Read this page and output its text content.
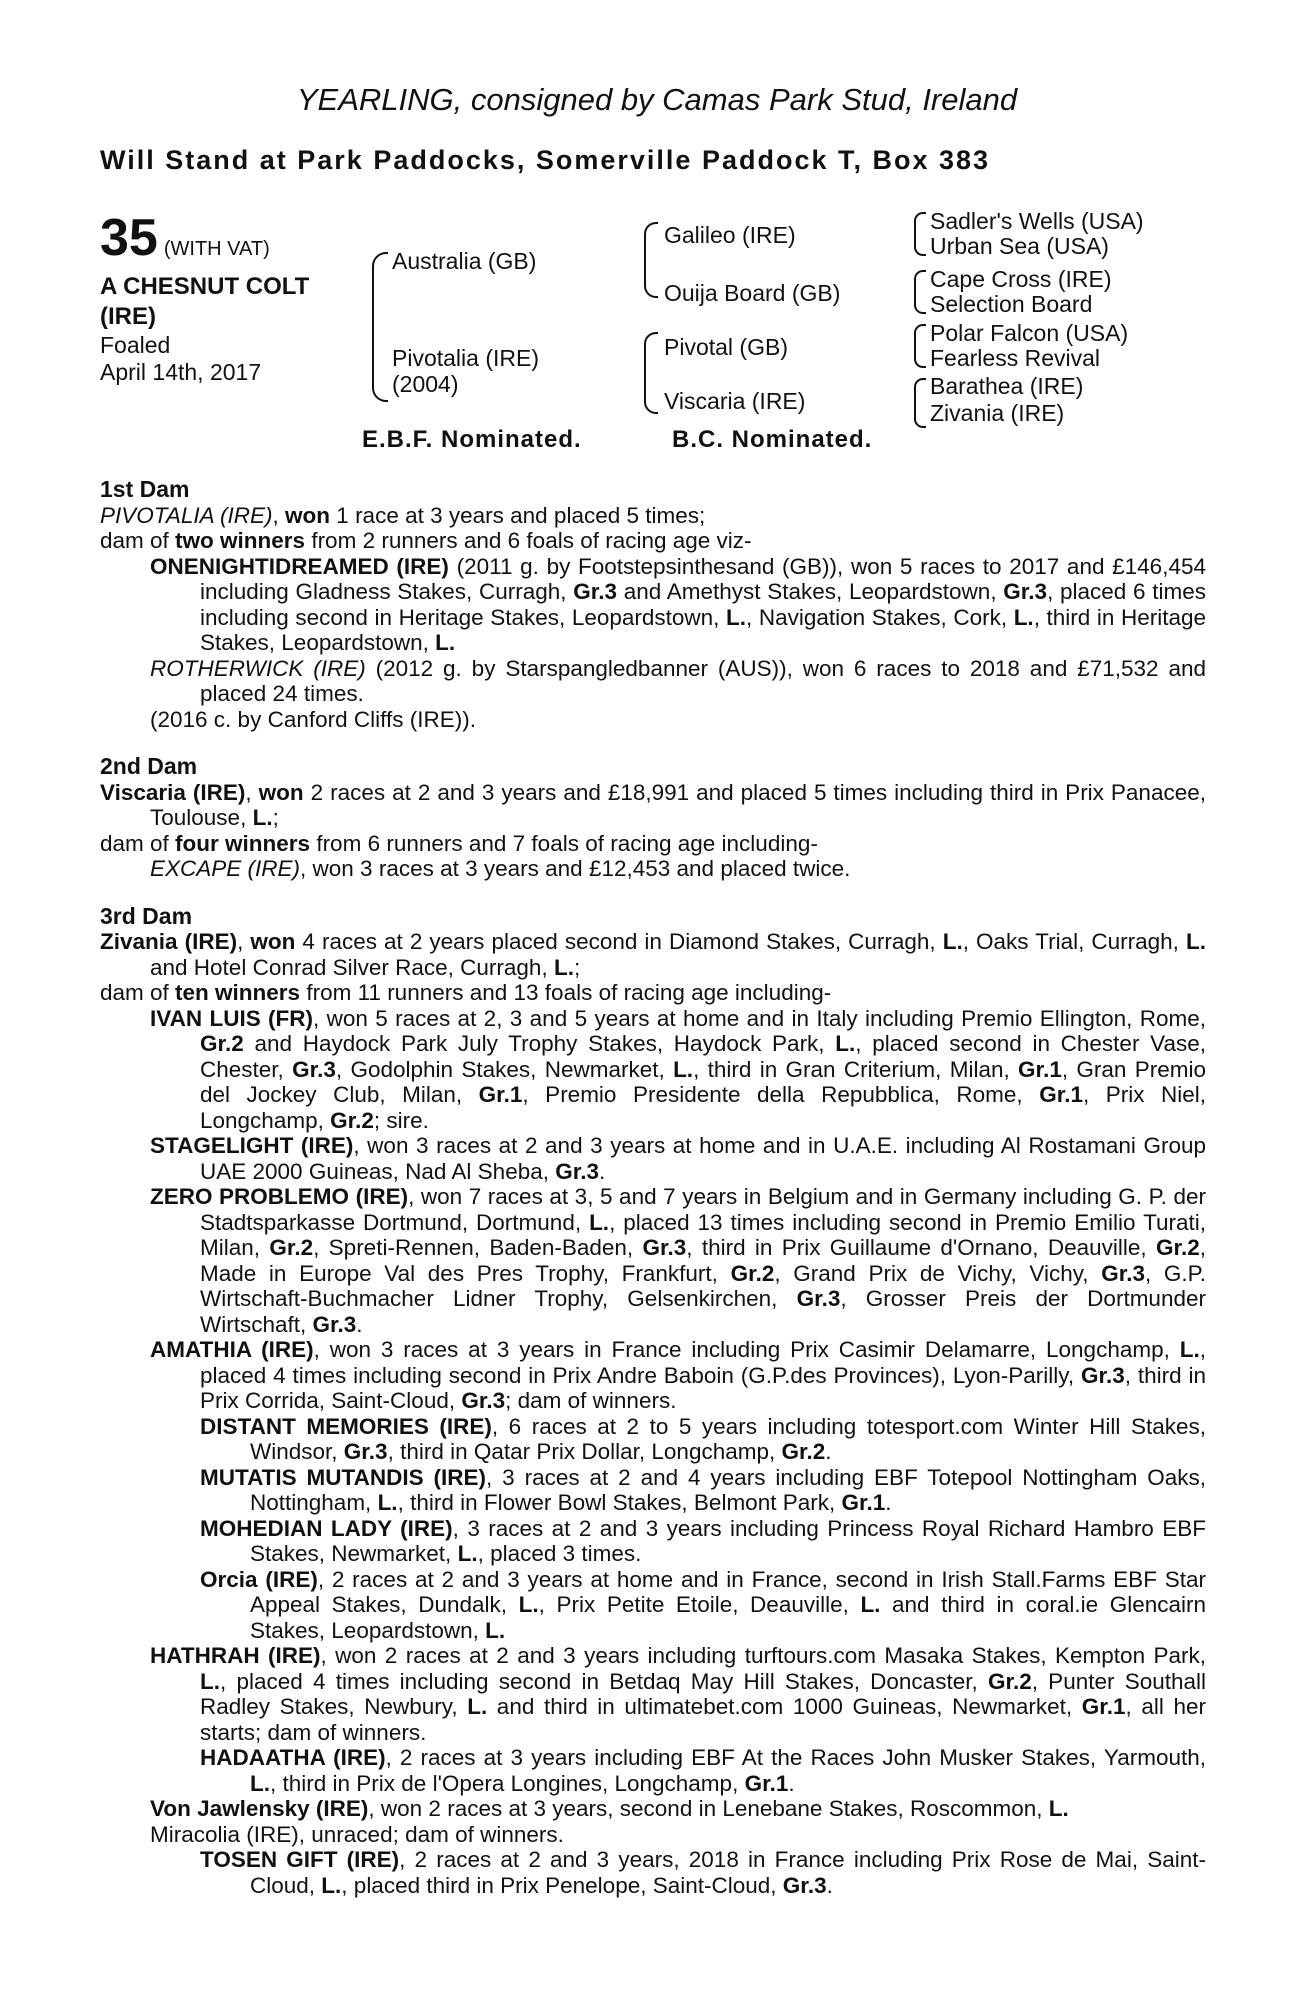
YEARLING, consigned by Camas Park Stud, Ireland
Will Stand at Park Paddocks, Somerville Paddock T, Box 383
35 (WITH VAT)
A CHESNUT COLT
(IRE)
Foaled
April 14th, 2017
Australia (GB)
Pivotalia (IRE)
(2004)
Galileo (IRE)
Ouija Board (GB)
Pivotal (GB)
Viscaria (IRE)
Sadler's Wells (USA)
Urban Sea (USA)
Cape Cross (IRE)
Selection Board
Polar Falcon (USA)
Fearless Revival
Barathea (IRE)
Zivania (IRE)
E.B.F. Nominated.	B.C. Nominated.
1st Dam
PIVOTALIA (IRE), won 1 race at 3 years and placed 5 times;
dam of two winners from 2 runners and 6 foals of racing age viz-
ONENIGHTIDREAMED (IRE) (2011 g. by Footstepsinthesand (GB)), won 5 races to 2017 and £146,454 including Gladness Stakes, Curragh, Gr.3 and Amethyst Stakes, Leopardstown, Gr.3, placed 6 times including second in Heritage Stakes, Leopardstown, L., Navigation Stakes, Cork, L., third in Heritage Stakes, Leopardstown, L.
ROTHERWICK (IRE) (2012 g. by Starspangledbanner (AUS)), won 6 races to 2018 and £71,532 and placed 24 times.
(2016 c. by Canford Cliffs (IRE)).
2nd Dam
Viscaria (IRE), won 2 races at 2 and 3 years and £18,991 and placed 5 times including third in Prix Panacee, Toulouse, L.;
dam of four winners from 6 runners and 7 foals of racing age including-
EXCAPE (IRE), won 3 races at 3 years and £12,453 and placed twice.
3rd Dam
Zivania (IRE), won 4 races at 2 years placed second in Diamond Stakes, Curragh, L., Oaks Trial, Curragh, L. and Hotel Conrad Silver Race, Curragh, L.;
dam of ten winners from 11 runners and 13 foals of racing age including-
IVAN LUIS (FR), won 5 races at 2, 3 and 5 years at home and in Italy including Premio Ellington, Rome, Gr.2 and Haydock Park July Trophy Stakes, Haydock Park, L., placed second in Chester Vase, Chester, Gr.3, Godolphin Stakes, Newmarket, L., third in Gran Criterium, Milan, Gr.1, Gran Premio del Jockey Club, Milan, Gr.1, Premio Presidente della Repubblica, Rome, Gr.1, Prix Niel, Longchamp, Gr.2; sire.
STAGELIGHT (IRE), won 3 races at 2 and 3 years at home and in U.A.E. including Al Rostamani Group UAE 2000 Guineas, Nad Al Sheba, Gr.3.
ZERO PROBLEMO (IRE), won 7 races at 3, 5 and 7 years in Belgium and in Germany including G. P. der Stadtsparkasse Dortmund, Dortmund, L., placed 13 times including second in Premio Emilio Turati, Milan, Gr.2, Spreti-Rennen, Baden-Baden, Gr.3, third in Prix Guillaume d'Ornano, Deauville, Gr.2, Made in Europe Val des Pres Trophy, Frankfurt, Gr.2, Grand Prix de Vichy, Vichy, Gr.3, G.P. Wirtschaft-Buchmacher Lidner Trophy, Gelsenkirchen, Gr.3, Grosser Preis der Dortmunder Wirtschaft, Gr.3.
AMATHIA (IRE), won 3 races at 3 years in France including Prix Casimir Delamarre, Longchamp, L., placed 4 times including second in Prix Andre Baboin (G.P.des Provinces), Lyon-Parilly, Gr.3, third in Prix Corrida, Saint-Cloud, Gr.3; dam of winners.
DISTANT MEMORIES (IRE), 6 races at 2 to 5 years including totesport.com Winter Hill Stakes, Windsor, Gr.3, third in Qatar Prix Dollar, Longchamp, Gr.2.
MUTATIS MUTANDIS (IRE), 3 races at 2 and 4 years including EBF Totepool Nottingham Oaks, Nottingham, L., third in Flower Bowl Stakes, Belmont Park, Gr.1.
MOHEDIAN LADY (IRE), 3 races at 2 and 3 years including Princess Royal Richard Hambro EBF Stakes, Newmarket, L., placed 3 times.
Orcia (IRE), 2 races at 2 and 3 years at home and in France, second in Irish Stall.Farms EBF Star Appeal Stakes, Dundalk, L., Prix Petite Etoile, Deauville, L. and third in coral.ie Glencairn Stakes, Leopardstown, L.
HATHRAH (IRE), won 2 races at 2 and 3 years including turftours.com Masaka Stakes, Kempton Park, L., placed 4 times including second in Betdaq May Hill Stakes, Doncaster, Gr.2, Punter Southall Radley Stakes, Newbury, L. and third in ultimatebet.com 1000 Guineas, Newmarket, Gr.1, all her starts; dam of winners.
HADAATHA (IRE), 2 races at 3 years including EBF At the Races John Musker Stakes, Yarmouth, L., third in Prix de l'Opera Longines, Longchamp, Gr.1.
Von Jawlensky (IRE), won 2 races at 3 years, second in Lenebane Stakes, Roscommon, L.
Miracolia (IRE), unraced; dam of winners.
TOSEN GIFT (IRE), 2 races at 2 and 3 years, 2018 in France including Prix Rose de Mai, Saint-Cloud, L., placed third in Prix Penelope, Saint-Cloud, Gr.3.
